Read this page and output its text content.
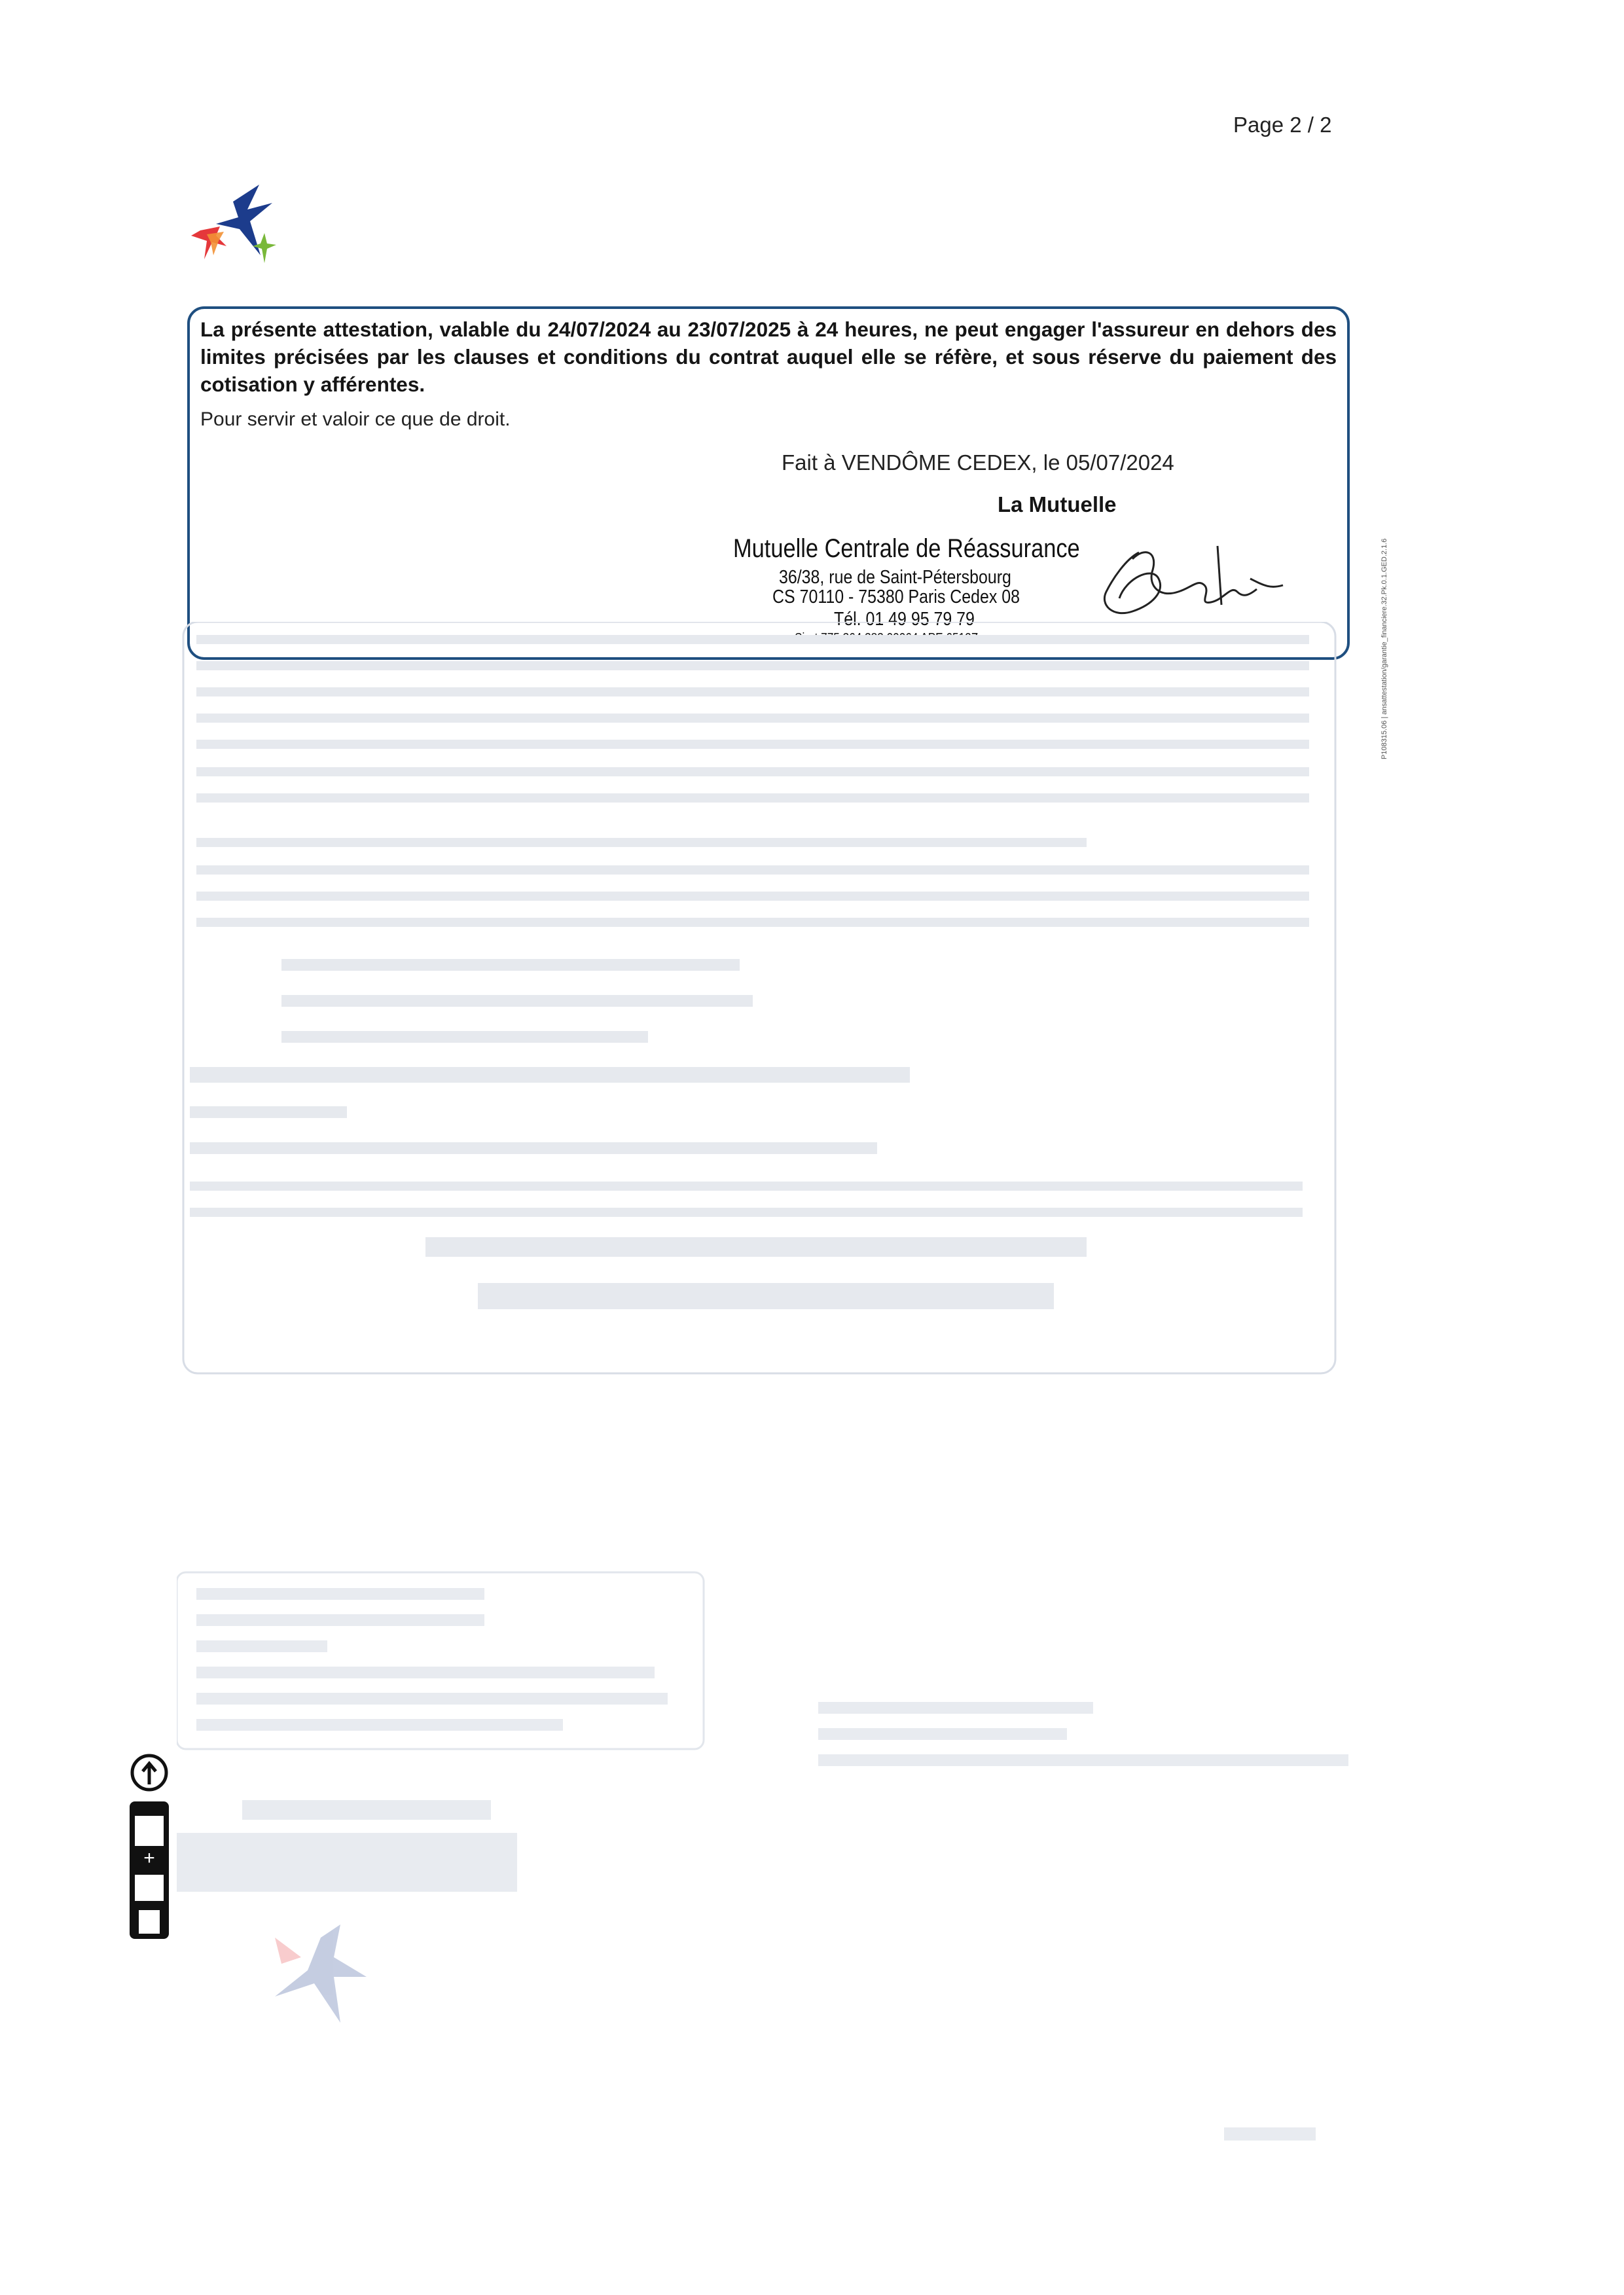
Page 2 / 2
La présente attestation, valable du 24/07/2024 au 23/07/2025 à 24 heures, ne peut engager l'assureur en dehors des limites précisées par les clauses et conditions du contrat auquel elle se réfère, et sous réserve du paiement des cotisation y afférentes.
Pour servir et valoir ce que de droit.
Fait à VENDÔME CEDEX, le 05/07/2024
La Mutuelle
Mutuelle Centrale de Réassurance
36/38, rue de Saint-Pétersbourg
CS 70110 - 75380 Paris Cedex 08
Tél. 01 49 95 79 79	P108315.06 | ansattestation/garantie_financiere.32.Pk.0.1.GED.2.1.6
+
